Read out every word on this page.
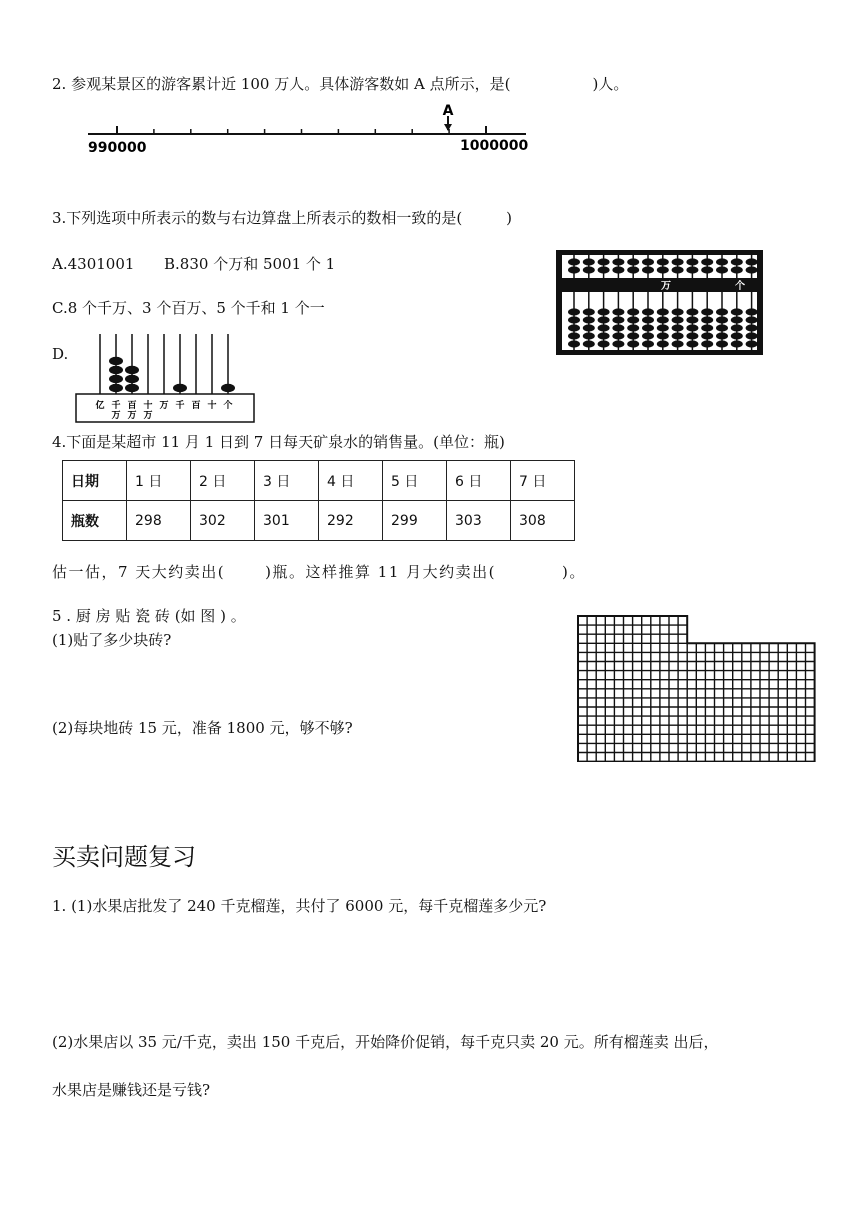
2. 参观某景区的游客累计近 100 万人。具体游客数如 A 点所示，是(	)人。
A
990000	1000000
3.下列选项中所表示的数与右边算盘上所表示的数相一致的是(	)
A.4301001 B.830 个万和 5001 个 1
C.8 个千万、3 个百万、5 个千和 1 个一
D.
亿 千
万
百
万
十
万
万 千 百 十 个
万	个
4.下面是某超市 11 月 1 日到 7 日每天矿泉水的销售量。(单位：瓶)
日期	1 日	2 日	3 日	4 日	5 日	6 日	7 日
瓶数	298	302	301	292	299	303	308
估一估，7 天大约卖出(	)瓶。这样推算 11 月大约卖出(	)。
5 . 厨 房 贴 瓷 砖 (如 图 ) 。
(1)贴了多少块砖?
(2)每块地砖 15 元，准备 1800 元，够不够?
买卖问题复习
1. (1)水果店批发了 240 千克榴莲，共付了 6000 元，每千克榴莲多少元?
(2)水果店以 35 元/千克，卖出 150 千克后，开始降价促销，每千克只卖 20 元。所有榴莲卖 出后，
水果店是赚钱还是亏钱?
